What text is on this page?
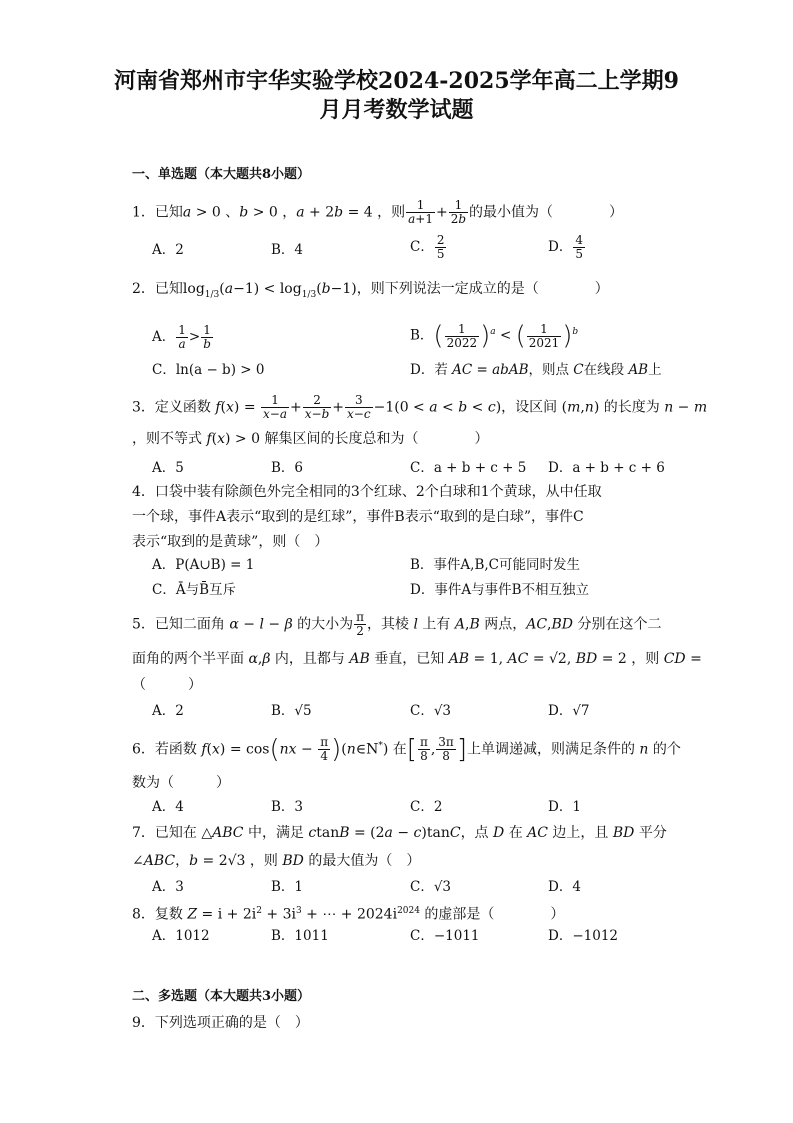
河南省郑州市宇华实验学校2024-2025学年高二上学期9
月月考数学试题
一、单选题（本大题共8小题）
1．已知a > 0 、b > 0 ，a + 2b = 4 ，则 $\frac{1}{a+1} + \frac{1}{2b}$ 的最小值为（　　　　）
A．2	B．4	C． $\frac{2}{5}$	D． $\frac{4}{5}$
2．已知$\log_{1/3}(a-1) < \log_{1/3}(b-1)$，则下列说法一定成立的是（　　　　）
A． $\frac{1}{a} > \frac{1}{b}$	B．( $\frac{1}{2022} )^a$ < ( $\frac{1}{2021} )^b$
C．ln(a − b) > 0	D．若 AC = abAB，则点 C在线段 AB上
3．定义函数 $f(x) = \frac{1}{x-a} + \frac{2}{x-b} + \frac{3}{x-c} -1(0 < a < b < c)$，设区间 (m,n) 的长度为 n − m
，则不等式 f(x) > 0 解集区间的长度总和为（　　　　）
A．5	B．6	C．a + b + c + 5 D．a + b + c + 6
4．口袋中装有除颜色外完全相同的3个红球、2个白球和1个黄球，从中任取
一个球，事件A表示“取到的是红球”，事件B表示“取到的是白球”，事件C
表示“取到的是黄球”，则（　）
A．P(A∪B) = 1	B．事件A,B,C可能同时发生
C．Ā与B̄互斥	D．事件A与事件B不相互独立
5．已知二面角 α − l − β 的大小为 $\frac{\pi}{2}$ ，其棱 l 上有 A,B 两点，AC,BD 分别在这个二
面角的两个半平面 α,β 内，且都与 AB 垂直，已知 AB = 1, AC = √2, BD = 2 ，则 CD =
（　　　）
A．2	B．√5	C．√3	D．√7
6．若函数 $f(x) = \cos(nx - \frac{\pi}{4}$ )(n∈N*) 在[ $\frac{\pi}{8}$ , $\frac{3\pi}{8}$ ]上单调递减，则满足条件的 n 的个
数为（　　　）
A．4	B．3	C．2	D．1
7．已知在 △ABC 中，满足 ctanB = (2a − c)tanC，点 D 在 AC 边上，且 BD 平分
∠ABC，b = 2√3 ，则 BD 的最大值为（　）
A．3	B．1	C．√3	D．4
8．复数 $Z = i + 2i^2 + 3i^3$ + ⋯ + $2024i^{2024}$ 的虚部是（　　　　）
A．1012	B．1011	C．−1011	D．−1012
二、多选题（本大题共3小题）
9．下列选项正确的是（　）
